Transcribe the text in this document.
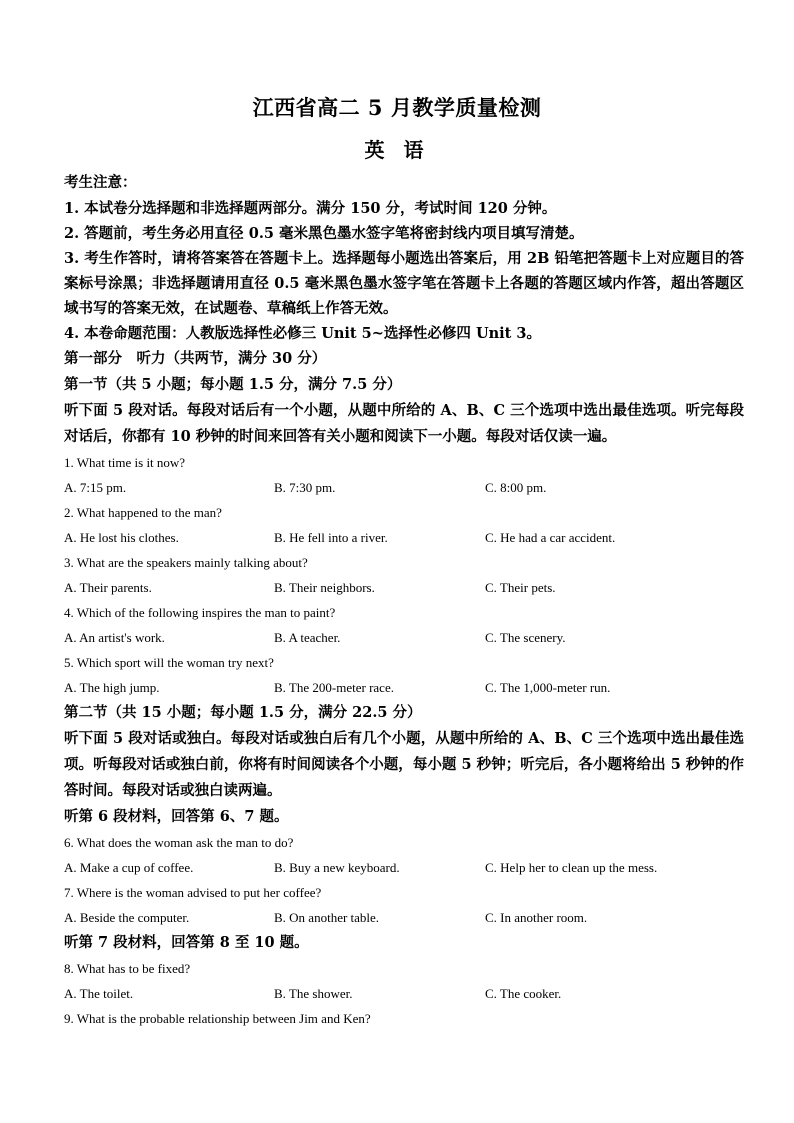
江西省高二 5 月教学质量检测
英 语
考生注意：
1. 本试卷分选择题和非选择题两部分。满分 150 分，考试时间 120 分钟。
2. 答题前，考生务必用直径 0.5 毫米黑色墨水签字笔将密封线内项目填写清楚。
3. 考生作答时，请将答案答在答题卡上。选择题每小题选出答案后，用 2B 铅笔把答题卡上对应题目的答案标号涂黑；非选择题请用直径 0.5 毫米黑色墨水签字笔在答题卡上各题的答题区域内作答，超出答题区域书写的答案无效，在试题卷、草稿纸上作答无效。
4. 本卷命题范围：人教版选择性必修三 Unit 5~选择性必修四 Unit 3。
第一部分　听力（共两节，满分 30 分）
第一节（共 5 小题；每小题 1.5 分，满分 7.5 分）
听下面 5 段对话。每段对话后有一个小题，从题中所给的 A、B、C 三个选项中选出最佳选项。听完每段对话后，你都有 10 秒钟的时间来回答有关小题和阅读下一小题。每段对话仅读一遍。
1. What time is it now?
A. 7:15 pm.	B. 7:30 pm.	C. 8:00 pm.
2. What happened to the man?
A. He lost his clothes.	B. He fell into a river.	C. He had a car accident.
3. What are the speakers mainly talking about?
A. Their parents.	B. Their neighbors.	C. Their pets.
4. Which of the following inspires the man to paint?
A. An artist's work.	B. A teacher.	C. The scenery.
5. Which sport will the woman try next?
A. The high jump.	B. The 200-meter race.	C. The 1,000-meter run.
第二节（共 15 小题；每小题 1.5 分，满分 22.5 分）
听下面 5 段对话或独白。每段对话或独白后有几个小题，从题中所给的 A、B、C 三个选项中选出最佳选项。听每段对话或独白前，你将有时间阅读各个小题，每小题 5 秒钟；听完后，各小题将给出 5 秒钟的作答时间。每段对话或独白读两遍。
听第 6 段材料，回答第 6、7 题。
6. What does the woman ask the man to do?
A. Make a cup of coffee.	B. Buy a new keyboard.	C. Help her to clean up the mess.
7. Where is the woman advised to put her coffee?
A. Beside the computer.	B. On another table.	C. In another room.
听第 7 段材料，回答第 8 至 10 题。
8. What has to be fixed?
A. The toilet.	B. The shower.	C. The cooker.
9. What is the probable relationship between Jim and Ken?
